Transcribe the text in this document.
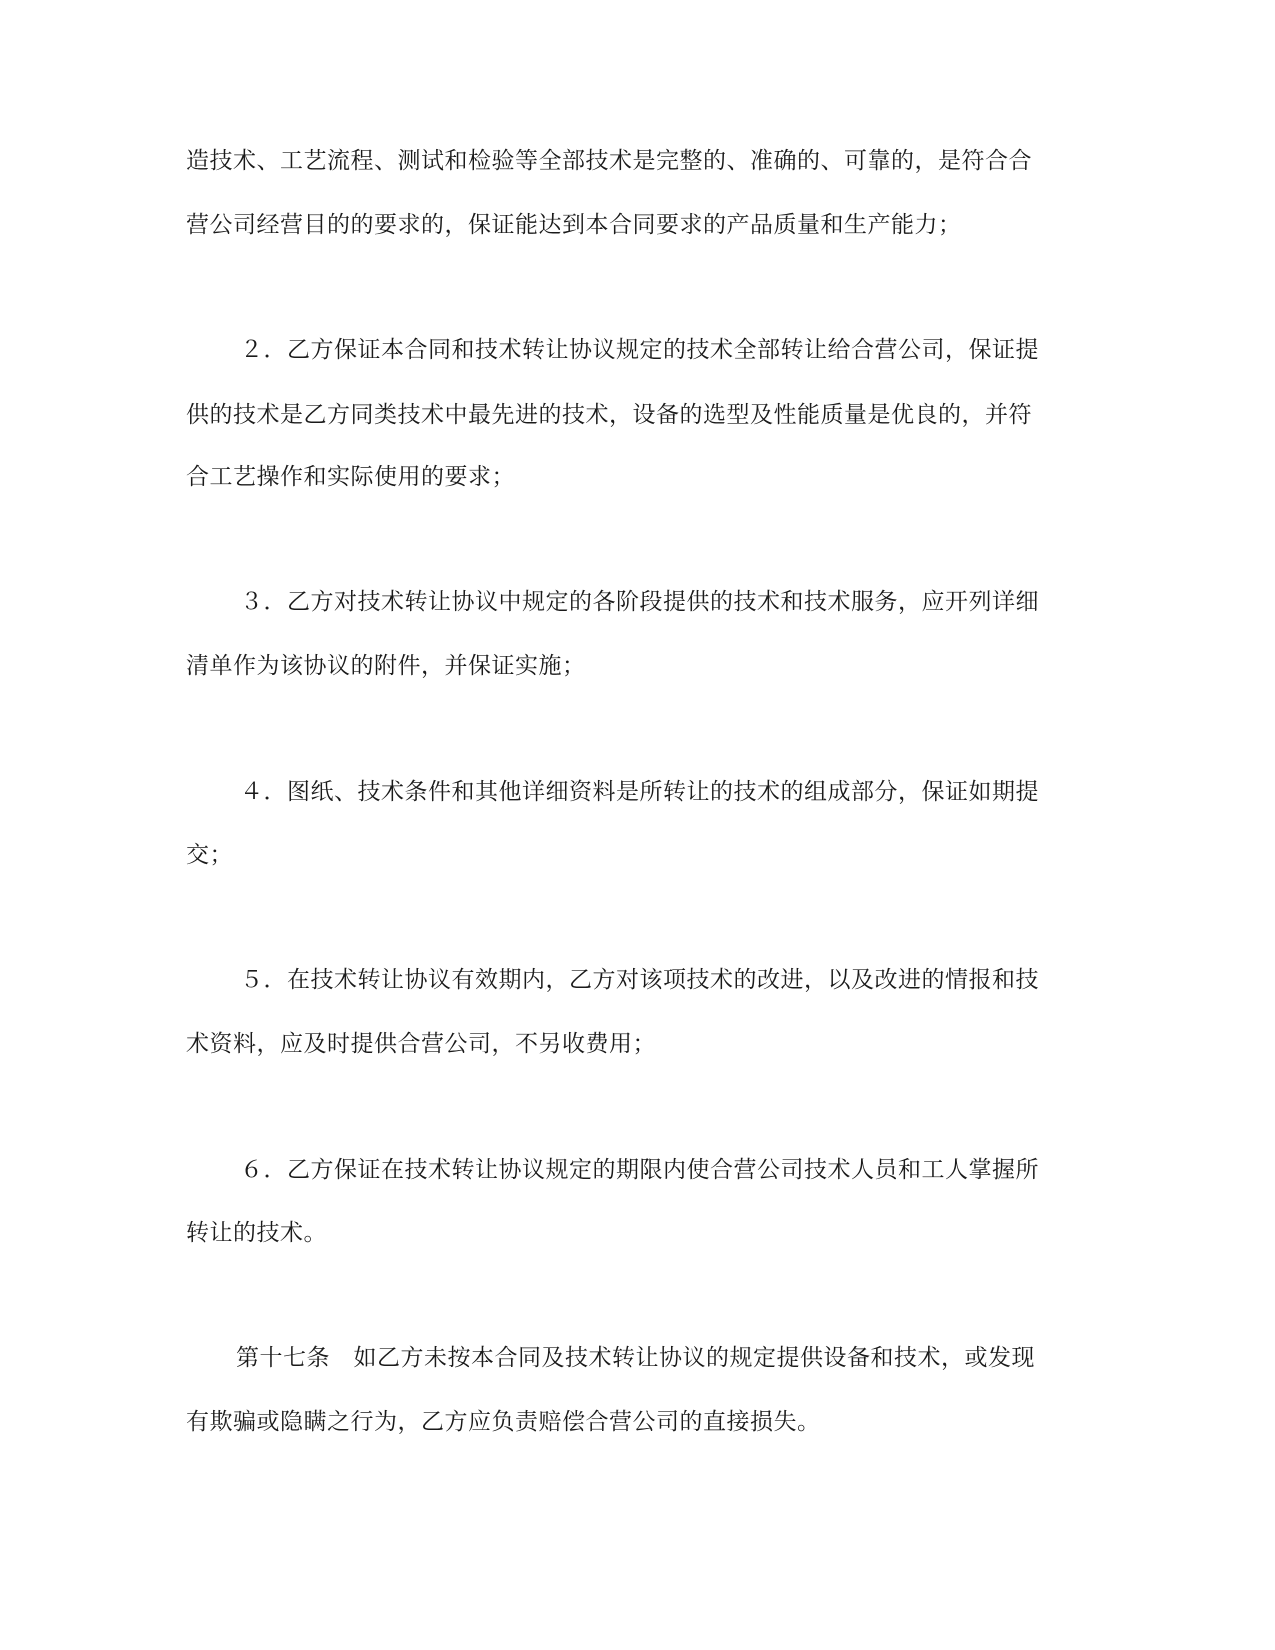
造技术、工艺流程、测试和检验等全部技术是完整的、准确的、可靠的，是符合合
营公司经营目的的要求的，保证能达到本合同要求的产品质量和生产能力；
２．乙方保证本合同和技术转让协议规定的技术全部转让给合营公司，保证提
供的技术是乙方同类技术中最先进的技术，设备的选型及性能质量是优良的，并符
合工艺操作和实际使用的要求；
３．乙方对技术转让协议中规定的各阶段提供的技术和技术服务，应开列详细
清单作为该协议的附件，并保证实施；
４．图纸、技术条件和其他详细资料是所转让的技术的组成部分，保证如期提
交；
５．在技术转让协议有效期内，乙方对该项技术的改进，以及改进的情报和技
术资料，应及时提供合营公司，不另收费用；
６．乙方保证在技术转让协议规定的期限内使合营公司技术人员和工人掌握所
转让的技术。
第十七条　如乙方未按本合同及技术转让协议的规定提供设备和技术，或发现
有欺骗或隐瞒之行为，乙方应负责赔偿合营公司的直接损失。
